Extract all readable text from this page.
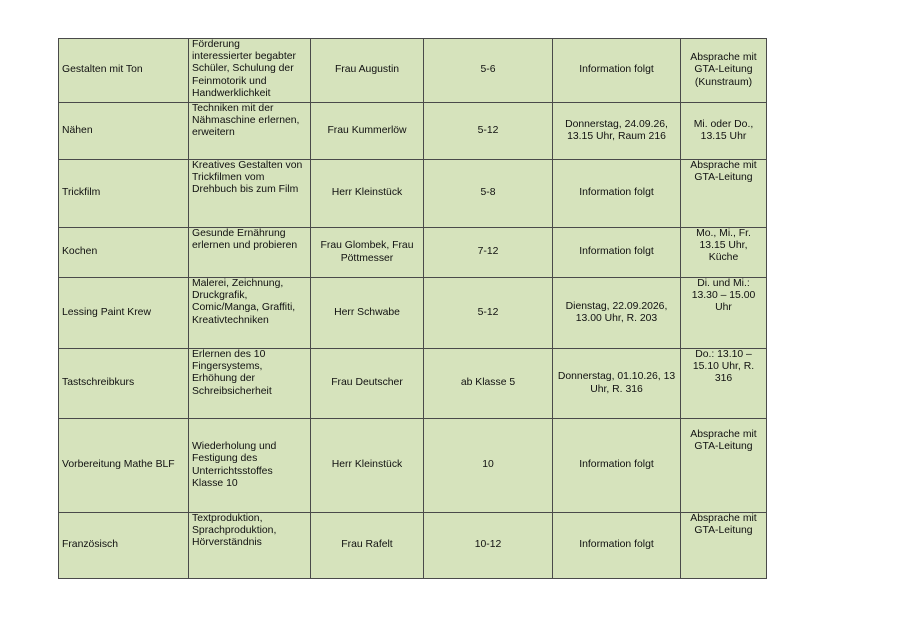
Gestalten mit Ton	Förderung
interessierter begabter
Schüler, Schulung der
Feinmotorik und
Handwerklichkeit	Frau Augustin	5-6	Information folgt	Absprache mit
GTA-Leitung
(Kunstraum)

Nähen	Techniken mit der
Nähmaschine erlernen,
erweitern	Frau Kummerlöw	5-12	Donnerstag, 24.09.26,
13.15 Uhr, Raum 216	Mi. oder Do.,
13.15 Uhr

Trickfilm	Kreatives Gestalten von
Trickfilmen vom
Drehbuch bis zum Film	Herr Kleinstück	5-8	Information folgt	Absprache mit
GTA-Leitung

Kochen	Gesunde Ernährung
erlernen und probieren	Frau Glombek, Frau
Pöttmesser	7-12	Information folgt	Mo., Mi., Fr.
13.15 Uhr,
Küche

Lessing Paint Krew	Malerei, Zeichnung,
Druckgrafik,
Comic/Manga, Graffiti,
Kreativtechniken	Herr Schwabe	5-12	Dienstag, 22.09.2026,
13.00 Uhr, R. 203	Di. und Mi.:
13.30 – 15.00
Uhr

Tastschreibkurs	Erlernen des 10
Fingersystems,
Erhöhung der
Schreibsicherheit	Frau Deutscher	ab Klasse 5	Donnerstag, 01.10.26, 13
Uhr, R. 316	Do.: 13.10 –
15.10 Uhr, R.
316

Vorbereitung Mathe BLF	Wiederholung und
Festigung des
Unterrichtsstoffes
Klasse 10	Herr Kleinstück	10	Information folgt	Absprache mit
GTA-Leitung

Französisch	Textproduktion,
Sprachproduktion,
Hörverständnis	Frau Rafelt	10-12	Information folgt	Absprache mit
GTA-Leitung
